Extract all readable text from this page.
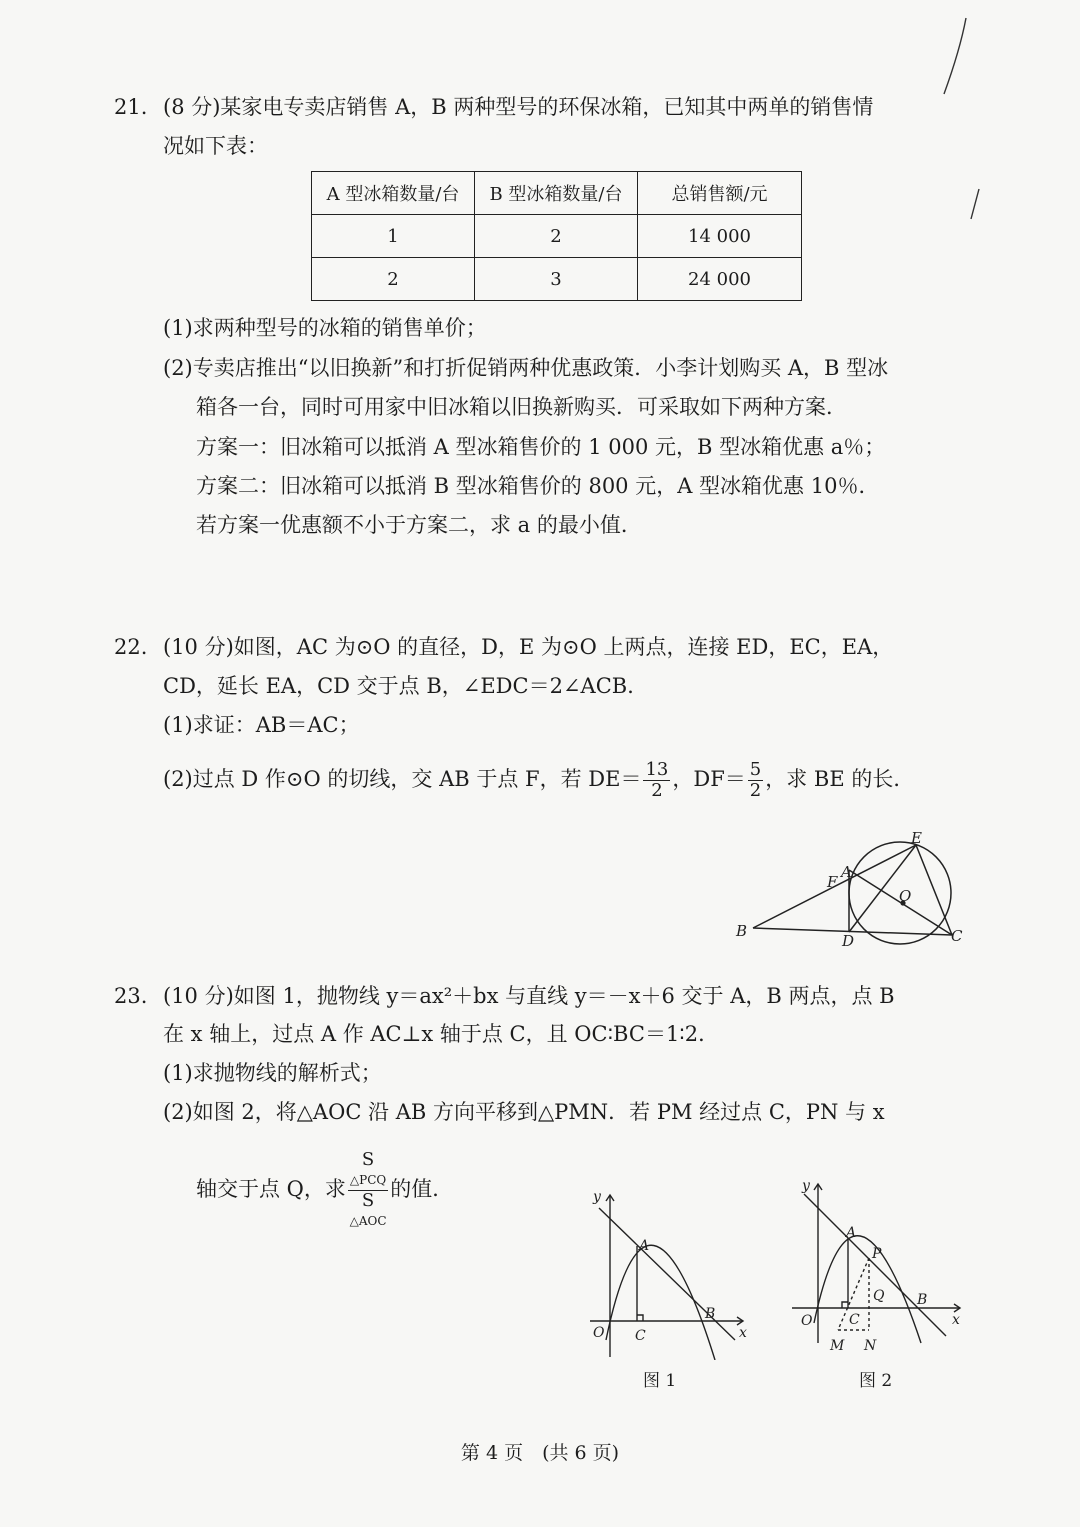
21. (8 分)某家电专卖店销售 A，B 两种型号的环保冰箱，已知其中两单的销售情
况如下表：
A 型冰箱数量/台	B 型冰箱数量/台	总销售额/元
1	2	14 000
2	3	24 000
(1)求两种型号的冰箱的销售单价；
(2)专卖店推出“以旧换新”和打折促销两种优惠政策．小李计划购买 A，B 型冰
箱各一台，同时可用家中旧冰箱以旧换新购买．可采取如下两种方案．
方案一：旧冰箱可以抵消 A 型冰箱售价的 1 000 元，B 型冰箱优惠 a％；
方案二：旧冰箱可以抵消 B 型冰箱售价的 800 元，A 型冰箱优惠 10％．
若方案一优惠额不小于方案二，求 a 的最小值．
22. (10 分)如图，AC 为⊙O 的直径，D，E 为⊙O 上两点，连接 ED，EC，EA，
CD，延长 EA，CD 交于点 B，∠EDC＝2∠ACB．
(1)求证：AB＝AC；
(2)过点 D 作⊙O 的切线，交 AB 于点 F，若 $DE= \frac{13}{2}$ ，$DF= \frac{5}{2}$ ，求 BE 的长．
E
A
F
O
B
D	C
23. (10 分)如图 1，抛物线 y＝ax²＋bx 与直线 y＝－x＋6 交于 A，B 两点，点 B
在 x 轴上，过点 A 作 AC⊥x 轴于点 C，且 OC∶BC＝1∶2．
(1)求抛物线的解析式；
(2)如图 2，将△AOC 沿 AB 方向平移到△PMN．若 PM 经过点 C，PN 与 x
轴交于点 Q，求 S
△PCQ
S
△AOC 的值．	y
A
O C
B
x
图 1
y
A
P
Q B
O	C
M N
x
图 2
第 4 页　(共 6 页)
